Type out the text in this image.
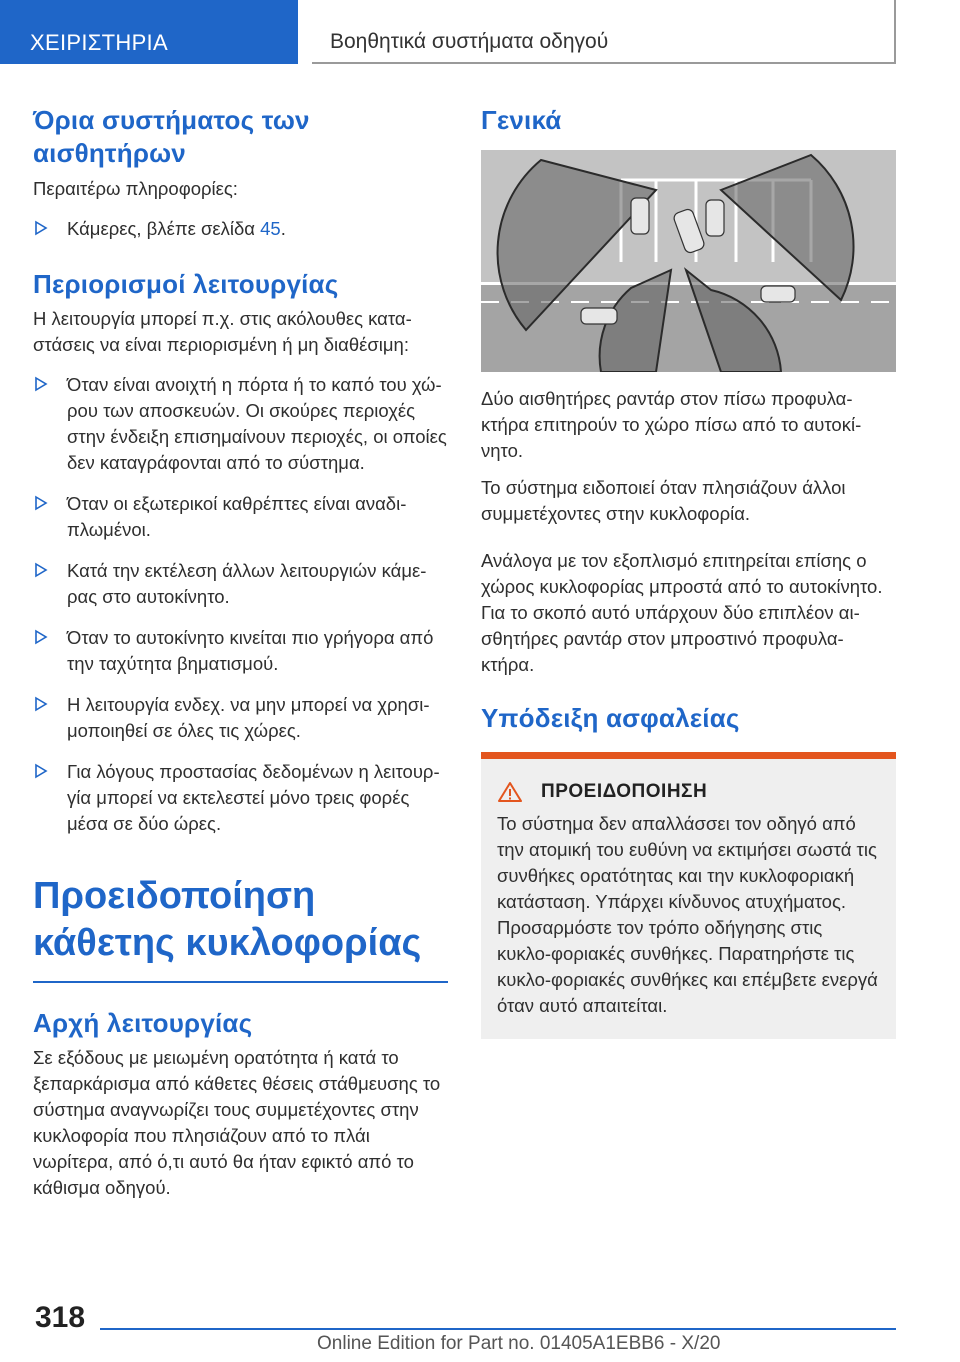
ΧΕΙΡΙΣΤΗΡΙΑ	Βοηθητικά συστήματα οδηγού
Όρια συστήματος των αισθητήρων
Περαιτέρω πληροφορίες:
Κάμερες, βλέπε σελίδα 45.
Περιορισμοί λειτουργίας
Η λειτουργία μπορεί π.χ. στις ακόλουθες κατα-στάσεις να είναι περιορισμένη ή μη διαθέσιμη:
Όταν είναι ανοιχτή η πόρτα ή το καπό του χώ-ρου των αποσκευών. Οι σκούρες περιοχές στην ένδειξη επισημαίνουν περιοχές, οι οποίες δεν καταγράφονται από το σύστημα.
Όταν οι εξωτερικοί καθρέπτες είναι αναδι-πλωμένοι.
Κατά την εκτέλεση άλλων λειτουργιών κάμε-ρας στο αυτοκίνητο.
Όταν το αυτοκίνητο κινείται πιο γρήγορα από την ταχύτητα βηματισμού.
Η λειτουργία ενδεχ. να μην μπορεί να χρησι-μοποιηθεί σε όλες τις χώρες.
Για λόγους προστασίας δεδομένων η λειτουρ-γία μπορεί να εκτελεστεί μόνο τρεις φορές μέσα σε δύο ώρες.
Προειδοποίηση κάθετης κυκλοφορίας
Αρχή λειτουργίας
Σε εξόδους με μειωμένη ορατότητα ή κατά το ξεπαρκάρισμα από κάθετες θέσεις στάθμευσης το σύστημα αναγνωρίζει τους συμμετέχοντες στην κυκλοφορία που πλησιάζουν από το πλάι νωρίτερα, από ό,τι αυτό θα ήταν εφικτό από το κάθισμα οδηγού.
Γενικά
Δύο αισθητήρες ραντάρ στον πίσω προφυλα-κτήρα επιτηρούν το χώρο πίσω από το αυτοκί-νητο.
Το σύστημα ειδοποιεί όταν πλησιάζουν άλλοι συμμετέχοντες στην κυκλοφορία.
Ανάλογα με τον εξοπλισμό επιτηρείται επίσης ο χώρος κυκλοφορίας μπροστά από το αυτοκίνητο. Για το σκοπό αυτό υπάρχουν δύο επιπλέον αι-σθητήρες ραντάρ στον μπροστινό προφυλα-κτήρα.
Υπόδειξη ασφαλείας
ΠΡΟΕΙΔΟΠΟΙΗΣΗ
Το σύστημα δεν απαλλάσσει τον οδηγό από την ατομική του ευθύνη να εκτιμήσει σωστά τις συνθήκες ορατότητας και την κυκλοφοριακή κατάσταση. Υπάρχει κίνδυνος ατυχήματος. Προσαρμόστε τον τρόπο οδήγησης στις κυκλο-φοριακές συνθήκες. Παρατηρήστε τις κυκλο-φοριακές συνθήκες και επέμβετε ενεργά όταν αυτό απαιτείται.
318
Online Edition for Part no. 01405A1EBB6 - X/20
